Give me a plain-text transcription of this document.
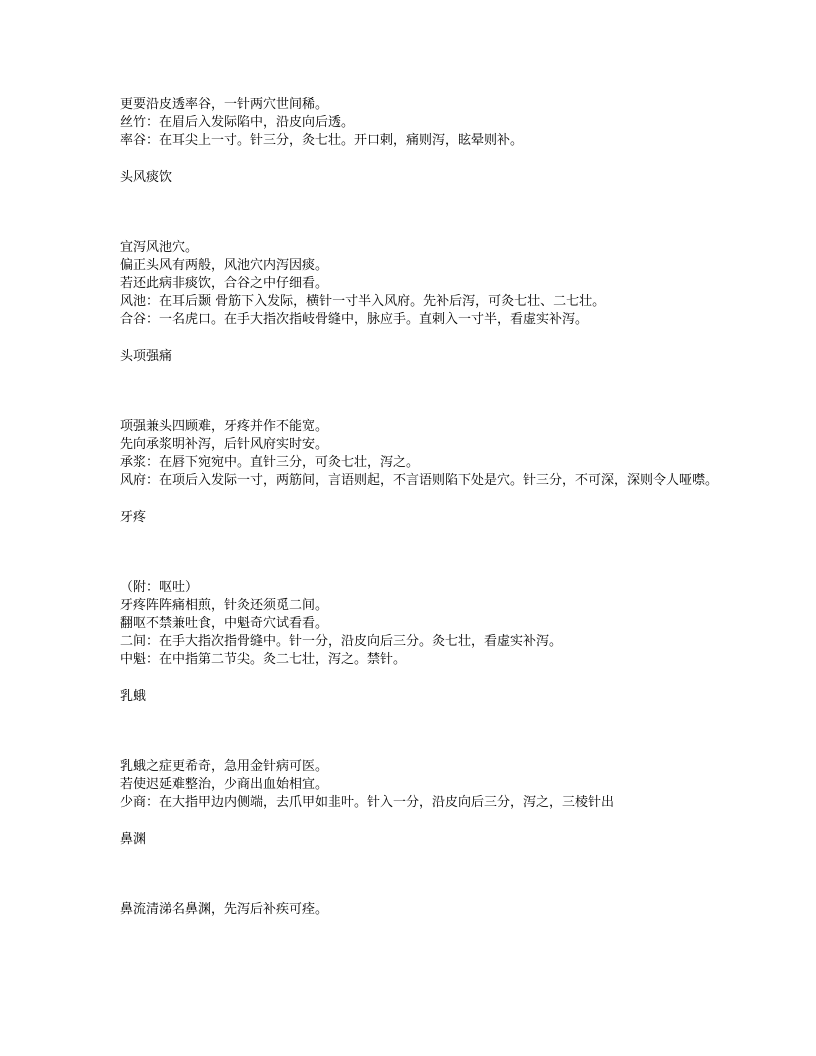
更要沿皮透率谷，一针两穴世间稀。

丝竹：在眉后入发际陷中，沿皮向后透。

率谷：在耳尖上一寸。针三分，灸七壮。开口剌，痛则泻，眩晕则补。

头风痰饮

宜泻风池穴。

偏正头风有两般，风池穴内泻因痰。

若还此病非痰饮，合谷之中仔细看。

风池：在耳后颞 骨筋下入发际，横针一寸半入风府。先补后泻，可灸七壮、二七壮。

合谷：一名虎口。在手大指次指岐骨缝中，脉应手。直剌入一寸半，看虚实补泻。

头项强痛

项强兼头四顾难，牙疼并作不能宽。

先向承浆明补泻，后针风府实时安。

承浆：在唇下宛宛中。直针三分，可灸七壮，泻之。

风府：在项后入发际一寸，两筋间，言语则起，不言语则陷下处是穴。针三分，不可深，深则令人哑噤。

牙疼

（附：呕吐）

牙疼阵阵痛相煎，针灸还须觅二间。

翻呕不禁兼吐食，中魁奇穴试看看。

二间：在手大指次指骨缝中。针一分，沿皮向后三分。灸七壮，看虚实补泻。

中魁：在中指第二节尖。灸二七壮，泻之。禁针。

乳蛾

乳蛾之症更希奇，急用金针病可医。

若使迟延难整治，少商出血始相宜。

少商：在大指甲边内侧端，去爪甲如韭叶。针入一分，沿皮向后三分，泻之，三棱针出

鼻渊

鼻流清涕名鼻渊，先泻后补疾可痊。
